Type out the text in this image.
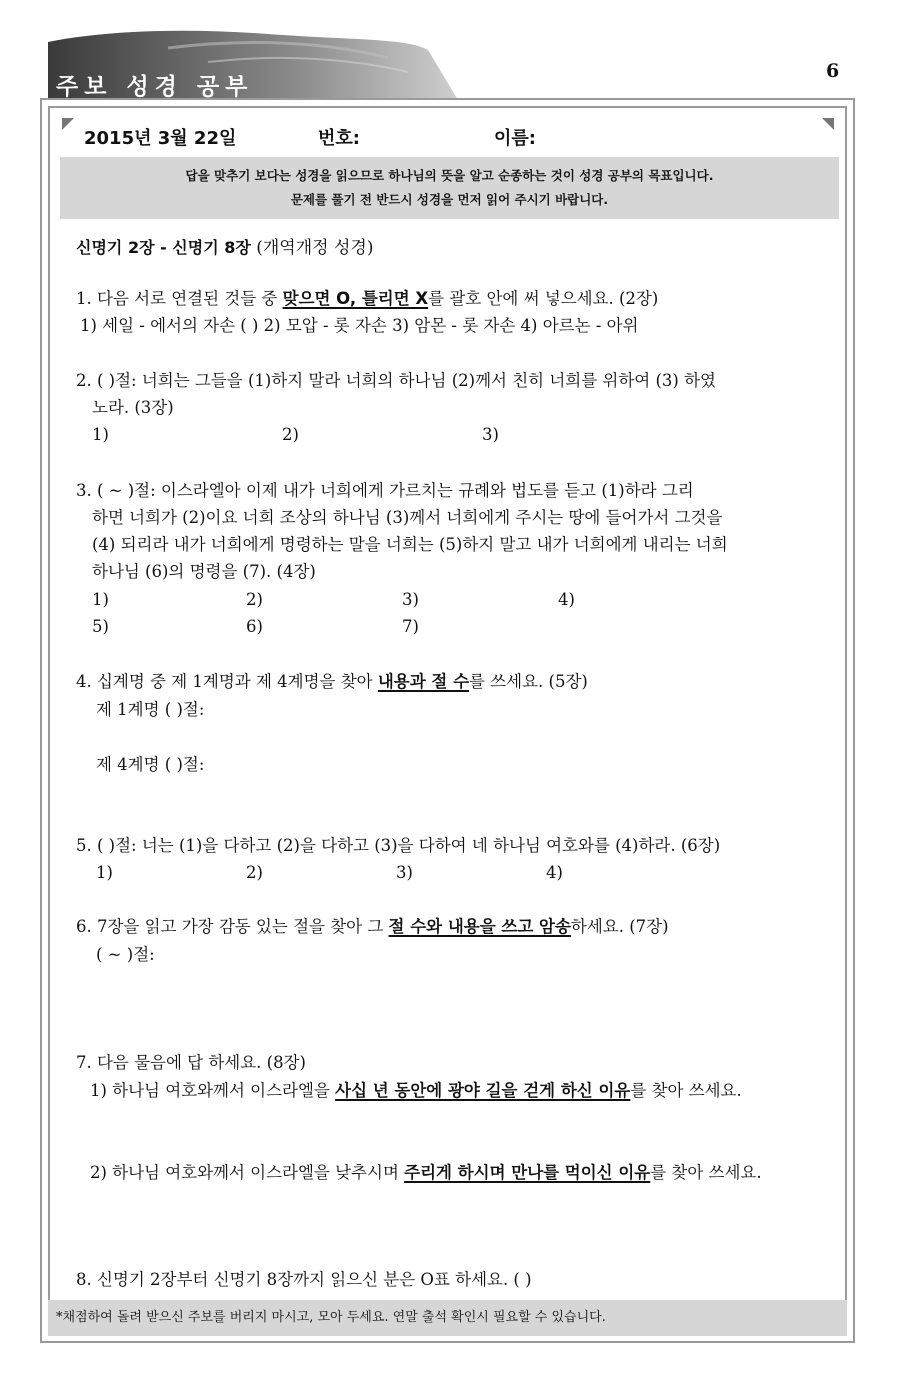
주보 성경 공부
6
2015년 3월 22일	번호:	이름:
답을 맞추기 보다는 성경을 읽으므로 하나님의 뜻을 알고 순종하는 것이 성경 공부의 목표입니다.
문제를 풀기 전 반드시 성경을 먼저 읽어 주시기 바랍니다.
신명기 2장 - 신명기 8장 (개역개정 성경)
1. 다음 서로 연결된 것들 중 맞으면 O, 틀리면 X를 괄호 안에 써 넣으세요. (2장)
1) 세일 - 에서의 자손 ( ) 2) 모압 - 롯 자손 3) 암몬 - 롯 자손 4) 아르논 - 아위
2. ( )절: 너희는 그들을 (1)하지 말라 너희의 하나님 (2)께서 친히 너희를 위하여 (3) 하였
노라. (3장)
1)	2)	3)
3. ( ~ )절: 이스라엘아 이제 내가 너희에게 가르치는 규례와 법도를 듣고 (1)하라 그리
하면 너희가 (2)이요 너희 조상의 하나님 (3)께서 너희에게 주시는 땅에 들어가서 그것을
(4) 되리라 내가 너희에게 명령하는 말을 너희는 (5)하지 말고 내가 너희에게 내리는 너희
하나님 (6)의 명령을 (7). (4장)
1)	2)	3)	4)
5)	6)	7)
4. 십계명 중 제 1계명과 제 4계명을 찾아 내용과 절 수를 쓰세요. (5장)
제 1계명 ( )절:
제 4계명 ( )절:
5. ( )절: 너는 (1)을 다하고 (2)을 다하고 (3)을 다하여 네 하나님 여호와를 (4)하라. (6장)
1)	2)	3)	4)
6. 7장을 읽고 가장 감동 있는 절을 찾아 그 절 수와 내용을 쓰고 암송하세요. (7장)
( ~ )절:
7. 다음 물음에 답 하세요. (8장)
1) 하나님 여호와께서 이스라엘을 사십 년 동안에 광야 길을 걷게 하신 이유를 찾아 쓰세요.
2) 하나님 여호와께서 이스라엘을 낮추시며 주리게 하시며 만나를 먹이신 이유를 찾아 쓰세요.
8. 신명기 2장부터 신명기 8장까지 읽으신 분은 O표 하세요. ( )
*채점하여 돌려 받으신 주보를 버리지 마시고, 모아 두세요. 연말 출석 확인시 필요할 수 있습니다.
